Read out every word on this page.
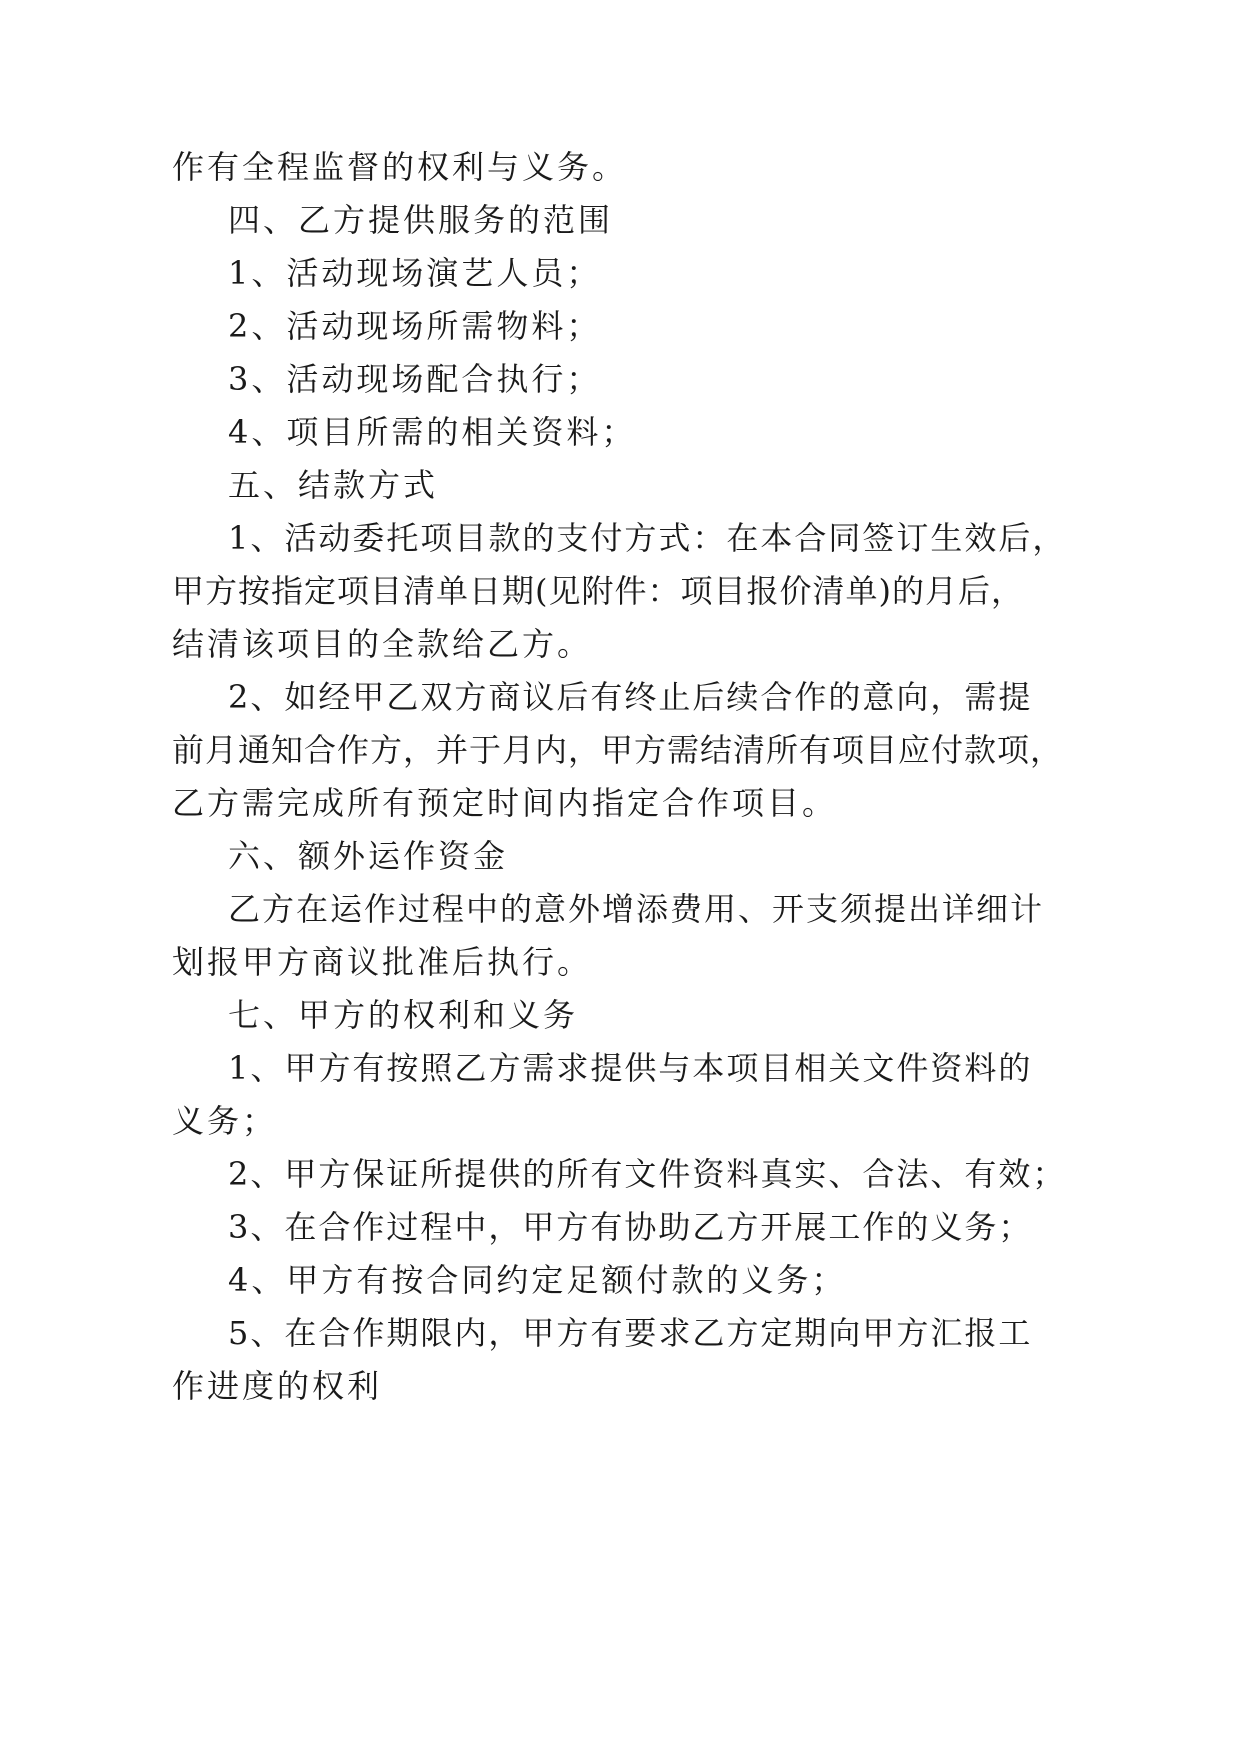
作有全程监督的权利与义务。
四、乙方提供服务的范围
1、活动现场演艺人员；
2、活动现场所需物料；
3、活动现场配合执行；
4、项目所需的相关资料；
五、结款方式
1、活动委托项目款的支付方式：在本合同签订生效后，
甲方按指定项目清单日期(见附件：项目报价清单)的月后，
结清该项目的全款给乙方。
2、如经甲乙双方商议后有终止后续合作的意向，需提
前月通知合作方，并于月内，甲方需结清所有项目应付款项，
乙方需完成所有预定时间内指定合作项目。
六、额外运作资金
乙方在运作过程中的意外增添费用、开支须提出详细计
划报甲方商议批准后执行。
七、甲方的权利和义务
1、甲方有按照乙方需求提供与本项目相关文件资料的
义务；
2、甲方保证所提供的所有文件资料真实、合法、有效；
3、在合作过程中，甲方有协助乙方开展工作的义务；
4、甲方有按合同约定足额付款的义务；
5、在合作期限内，甲方有要求乙方定期向甲方汇报工
作进度的权利
